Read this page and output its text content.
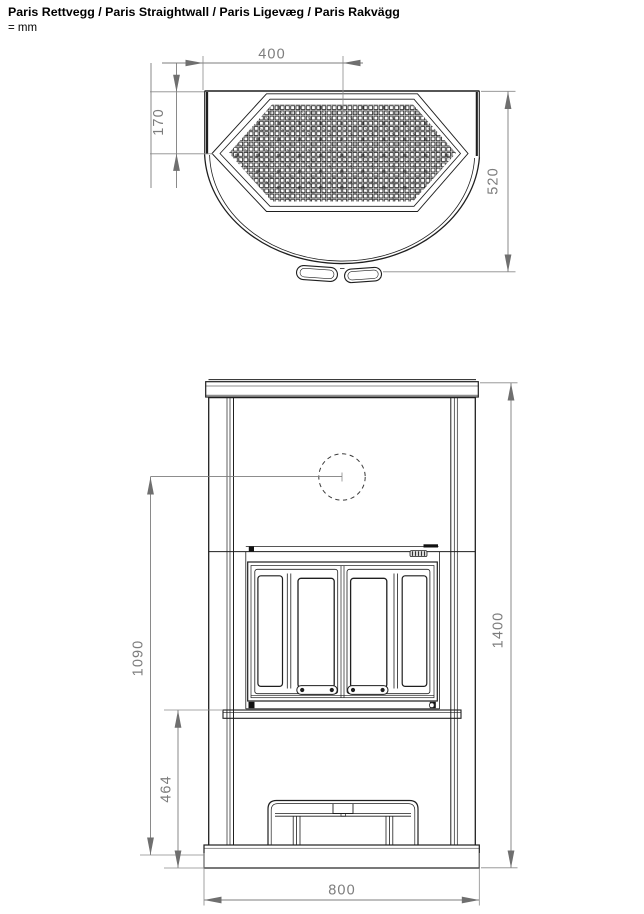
Paris Rettvegg / Paris Straightwall / Paris Ligevæg / Paris Rakvägg
= mm
400
170
520
1090
464
1400
800
